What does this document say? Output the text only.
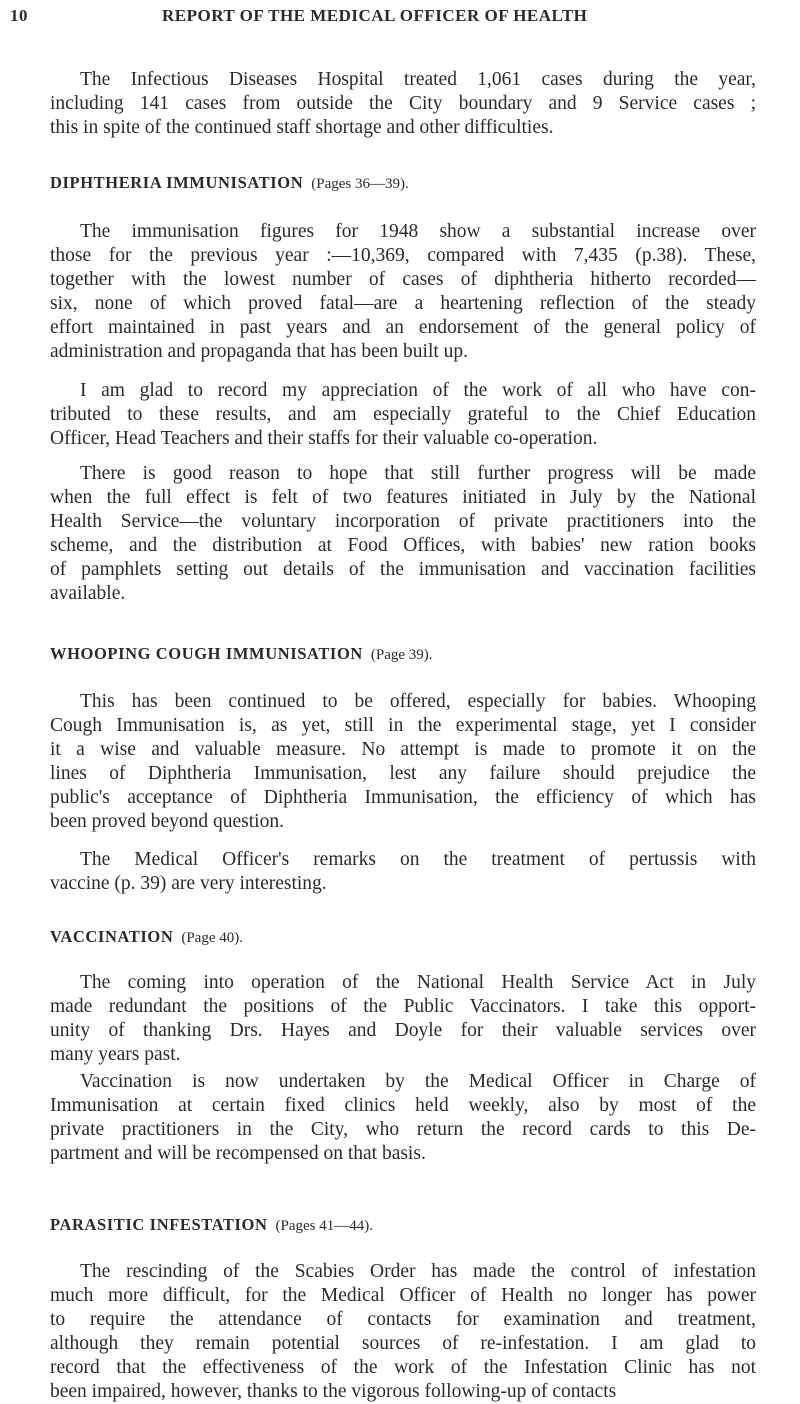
10	REPORT OF THE MEDICAL OFFICER OF HEALTH
The Infectious Diseases Hospital treated 1,061 cases during the year,
including 141 cases from outside the City boundary and 9 Service cases ;
this in spite of the continued staff shortage and other difficulties.
DIPHTHERIA IMMUNISATION (Pages 36—39).
The immunisation figures for 1948 show a substantial increase over
those for the previous year :—10,369, compared with 7,435 (p.38). These,
together with the lowest number of cases of diphtheria hitherto recorded—
six, none of which proved fatal—are a heartening reflection of the steady
effort maintained in past years and an endorsement of the general policy of
administration and propaganda that has been built up.
I am glad to record my appreciation of the work of all who have con-
tributed to these results, and am especially grateful to the Chief Education
Officer, Head Teachers and their staffs for their valuable co-operation.
There is good reason to hope that still further progress will be made
when the full effect is felt of two features initiated in July by the National
Health Service—the voluntary incorporation of private practitioners into the
scheme, and the distribution at Food Offices, with babies' new ration books
of pamphlets setting out details of the immunisation and vaccination facilities
available.
WHOOPING COUGH IMMUNISATION (Page 39).
This has been continued to be offered, especially for babies. Whooping
Cough Immunisation is, as yet, still in the experimental stage, yet I consider
it a wise and valuable measure. No attempt is made to promote it on the
lines of Diphtheria Immunisation, lest any failure should prejudice the
public's acceptance of Diphtheria Immunisation, the efficiency of which has
been proved beyond question.
The Medical Officer's remarks on the treatment of pertussis with
vaccine (p. 39) are very interesting.
VACCINATION (Page 40).
The coming into operation of the National Health Service Act in July
made redundant the positions of the Public Vaccinators. I take this opport-
unity of thanking Drs. Hayes and Doyle for their valuable services over
many years past.
Vaccination is now undertaken by the Medical Officer in Charge of
Immunisation at certain fixed clinics held weekly, also by most of the
private practitioners in the City, who return the record cards to this De-
partment and will be recompensed on that basis.
PARASITIC INFESTATION (Pages 41—44).
The rescinding of the Scabies Order has made the control of infestation
much more difficult, for the Medical Officer of Health no longer has power
to require the attendance of contacts for examination and treatment,
although they remain potential sources of re-infestation. I am glad to
record that the effectiveness of the work of the Infestation Clinic has not
been impaired, however, thanks to the vigorous following-up of contacts
